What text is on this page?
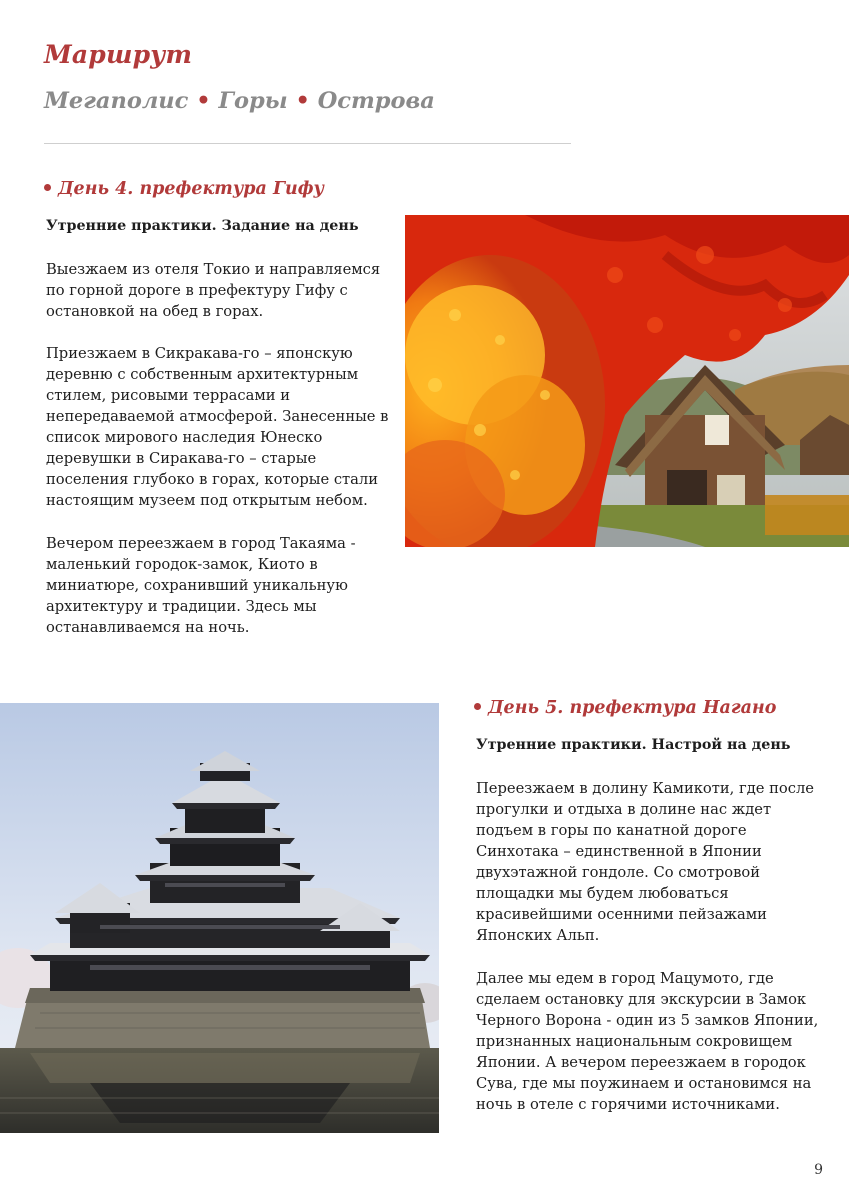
Маршрут
Мегаполис • Горы • Острова
День 4. префектура Гифу

Утренние практики. Задание на день

Выезжаем из отеля Токио и направляемся
по горной дороге в префектуру Гифу с
остановкой на обед в горах.

Приезжаем в Сикракава-го – японскую
деревню с собственным архитектурным
стилем, рисовыми террасами и
непередаваемой атмосферой. Занесенные в
список мирового наследия Юнеско
деревушки в Сиракава-го – старые
поселения глубоко в горах, которые стали
настоящим музеем под открытым небом.

Вечером переезжаем в город Такаяма -
маленький городок-замок, Киото в
миниатюре, сохранивший уникальную
архитектуру и традиции. Здесь мы
останавливаемся на ночь.

День 5. префектура Нагано

Утренние практики. Настрой на день

Переезжаем в долину Камикоти, где после
прогулки и отдыха в долине нас ждет
подъем в горы по канатной дороге
Синхотака – единственной в Японии
двухэтажной гондоле. Со смотровой
площадки мы будем любоваться
красивейшими осенними пейзажами
Японских Альп.

Далее мы едем в город Мацумото, где
сделаем остановку для экскурсии в Замок
Черного Ворона - один из 5 замков Японии,
признанных национальным сокровищем
Японии. А вечером переезжаем в городок
Сува, где мы поужинаем и остановимся на
ночь в отеле с горячими источниками.

9
